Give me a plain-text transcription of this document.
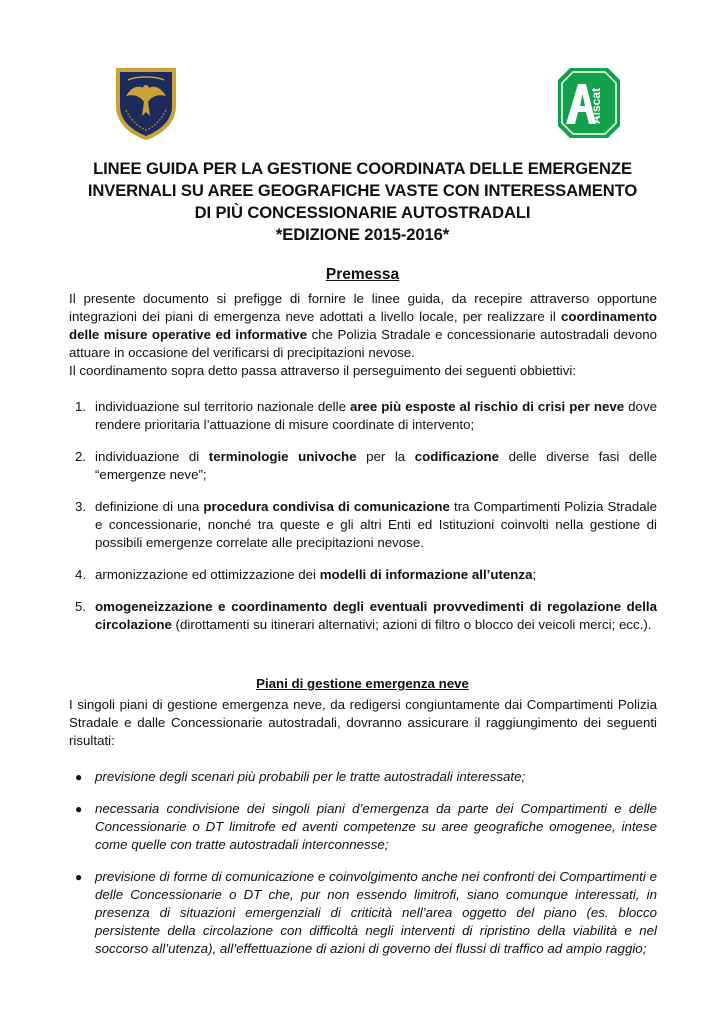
Aiscat
LINEE GUIDA PER LA GESTIONE COORDINATA DELLE EMERGENZE
INVERNALI SU AREE GEOGRAFICHE VASTE CON INTERESSAMENTO
DI PIÙ CONCESSIONARIE AUTOSTRADALI
*EDIZIONE 2015-2016*
Premessa
Il presente documento si prefigge di fornire le linee guida, da recepire attraverso opportune integrazioni dei piani di emergenza neve adottati a livello locale, per realizzare il coordinamento delle misure operative ed informative che Polizia Stradale e concessionarie autostradali devono attuare in occasione del verificarsi di precipitazioni nevose.
Il coordinamento sopra detto passa attraverso il perseguimento dei seguenti obbiettivi:
1. individuazione sul territorio nazionale delle aree più esposte al rischio di crisi per neve dove rendere prioritaria l’attuazione di misure coordinate di intervento;
2. individuazione di terminologie univoche per la codificazione delle diverse fasi delle “emergenze neve”;
3. definizione di una procedura condivisa di comunicazione tra Compartimenti Polizia Stradale e concessionarie, nonché tra queste e gli altri Enti ed Istituzioni coinvolti nella gestione di possibili emergenze correlate alle precipitazioni nevose.
4. armonizzazione ed ottimizzazione dei modelli di informazione all’utenza;
5. omogeneizzazione e coordinamento degli eventuali provvedimenti di regolazione della circolazione (dirottamenti su itinerari alternativi; azioni di filtro o blocco dei veicoli merci; ecc.).
Piani di gestione emergenza neve
I singoli piani di gestione emergenza neve, da redigersi congiuntamente dai Compartimenti Polizia Stradale e dalle Concessionarie autostradali, dovranno assicurare il raggiungimento dei seguenti risultati:
● previsione degli scenari più probabili per le tratte autostradali interessate;
● necessaria condivisione dei singoli piani d’emergenza da parte dei Compartimenti e delle Concessionarie o DT limitrofe ed aventi competenze su aree geografiche omogenee, intese come quelle con tratte autostradali interconnesse;
● previsione di forme di comunicazione e coinvolgimento anche nei confronti dei Compartimenti e delle Concessionarie o DT che, pur non essendo limitrofi, siano comunque interessati, in presenza di situazioni emergenziali di criticità nell’area oggetto del piano (es. blocco persistente della circolazione con difficoltà negli interventi di ripristino della viabilità e nel soccorso all’utenza), all’effettuazione di azioni di governo dei flussi di traffico ad ampio raggio;
